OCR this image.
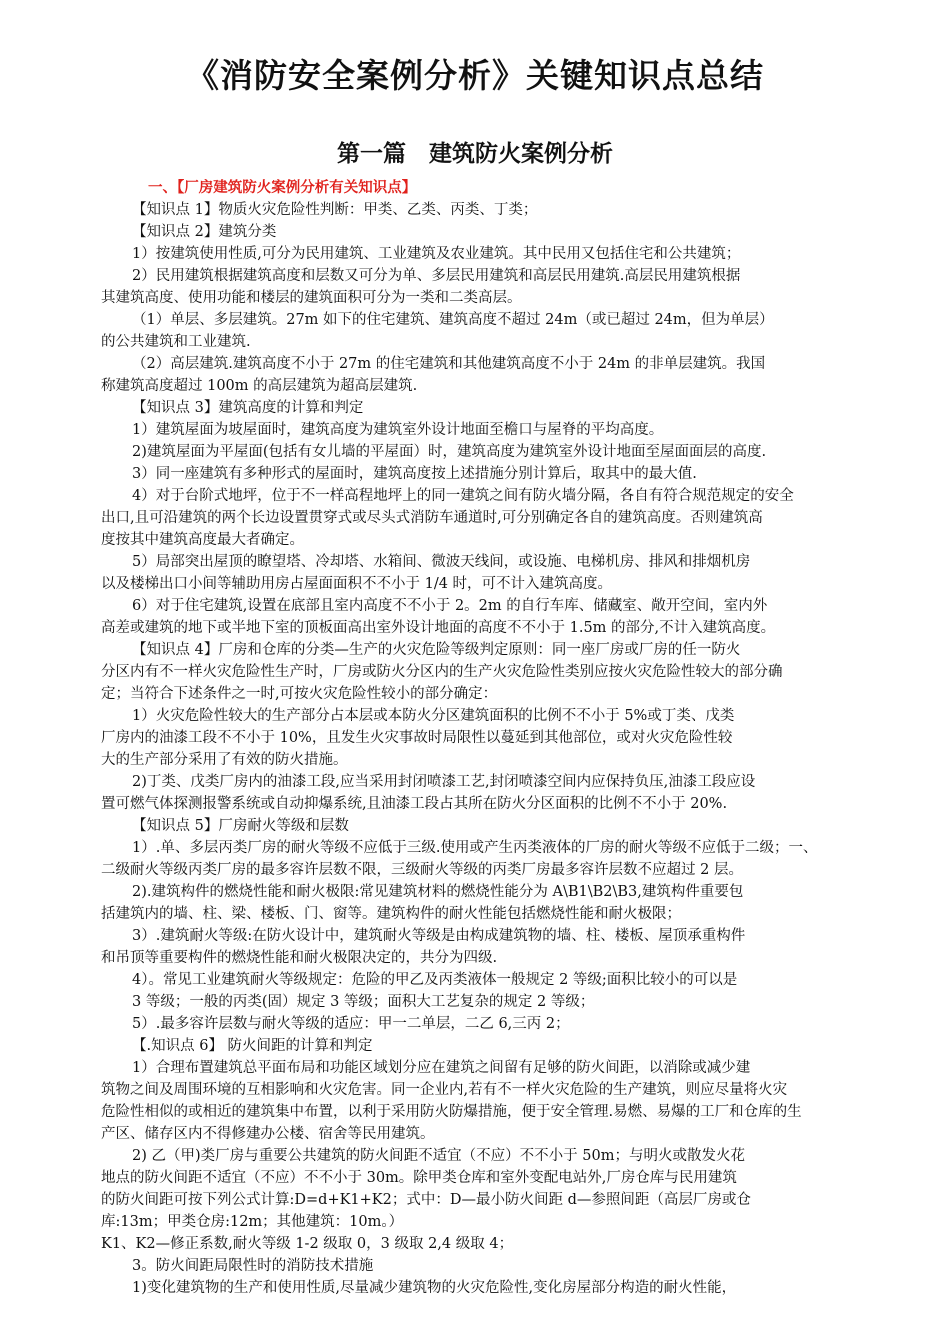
《消防安全案例分析》关键知识点总结
第一篇　建筑防火案例分析
一、【厂房建筑防火案例分析有关知识点】
【知识点 1】物质火灾危险性判断：甲类、乙类、丙类、丁类；
【知识点 2】建筑分类
1）按建筑使用性质,可分为民用建筑、工业建筑及农业建筑。其中民用又包括住宅和公共建筑；
2）民用建筑根据建筑高度和层数又可分为单、多层民用建筑和高层民用建筑.高层民用建筑根据
其建筑高度、使用功能和楼层的建筑面积可分为一类和二类高层。
（1）单层、多层建筑。27m 如下的住宅建筑、建筑高度不超过 24m（或已超过 24m，但为单层）
的公共建筑和工业建筑.
（2）高层建筑.建筑高度不小于 27m 的住宅建筑和其他建筑高度不小于 24m 的非单层建筑。我国
称建筑高度超过 100m 的高层建筑为超高层建筑.
【知识点 3】建筑高度的计算和判定
1）建筑屋面为坡屋面时，建筑高度为建筑室外设计地面至檐口与屋脊的平均高度。
2)建筑屋面为平屋面(包括有女儿墙的平屋面）时，建筑高度为建筑室外设计地面至屋面面层的高度.
3）同一座建筑有多种形式的屋面时，建筑高度按上述措施分别计算后，取其中的最大值.
4）对于台阶式地坪，位于不一样高程地坪上的同一建筑之间有防火墙分隔，各自有符合规范规定的安全
出口,且可沿建筑的两个长边设置贯穿式或尽头式消防车通道时,可分别确定各自的建筑高度。否则建筑高
度按其中建筑高度最大者确定。
5）局部突出屋顶的瞭望塔、冷却塔、水箱间、微波天线间，或设施、电梯机房、排风和排烟机房
以及楼梯出口小间等辅助用房占屋面面积不不小于 1/4 时，可不计入建筑高度。
6）对于住宅建筑,设置在底部且室内高度不不小于 2。2m 的自行车库、储藏室、敞开空间，室内外
高差或建筑的地下或半地下室的顶板面高出室外设计地面的高度不不小于 1.5m 的部分,不计入建筑高度。
【知识点 4】厂房和仓库的分类—生产的火灾危险等级判定原则：同一座厂房或厂房的任一防火
分区内有不一样火灾危险性生产时，厂房或防火分区内的生产火灾危险性类别应按火灾危险性较大的部分确
定；当符合下述条件之一时,可按火灾危险性较小的部分确定：
1）火灾危险性较大的生产部分占本层或本防火分区建筑面积的比例不不小于 5%或丁类、戊类
厂房内的油漆工段不不小于 10%，且发生火灾事故时局限性以蔓延到其他部位，或对火灾危险性较
大的生产部分采用了有效的防火措施。
2)丁类、戊类厂房内的油漆工段,应当采用封闭喷漆工艺,封闭喷漆空间内应保持负压,油漆工段应设
置可燃气体探测报警系统或自动抑爆系统,且油漆工段占其所在防火分区面积的比例不不小于 20%.
【知识点 5】厂房耐火等级和层数
1）.单、多层丙类厂房的耐火等级不应低于三级.使用或产生丙类液体的厂房的耐火等级不应低于二级；一、
二级耐火等级丙类厂房的最多容许层数不限，三级耐火等级的丙类厂房最多容许层数不应超过 2 层。
2).建筑构件的燃烧性能和耐火极限:常见建筑材料的燃烧性能分为 A\B1\B2\B3,建筑构件重要包
括建筑内的墙、柱、梁、楼板、门、窗等。建筑构件的耐火性能包括燃烧性能和耐火极限；
3）.建筑耐火等级:在防火设计中，建筑耐火等级是由构成建筑物的墙、柱、楼板、屋顶承重构件
和吊顶等重要构件的燃烧性能和耐火极限决定的，共分为四级.
4）。常见工业建筑耐火等级规定：危险的甲乙及丙类液体一般规定 2 等级;面积比较小的可以是
3 等级；一般的丙类(固）规定 3 等级；面积大工艺复杂的规定 2 等级；
5）.最多容许层数与耐火等级的适应：甲一二单层，二乙 6,三丙 2；
【.知识点 6】 防火间距的计算和判定
1）合理布置建筑总平面布局和功能区域划分应在建筑之间留有足够的防火间距，以消除或减少建
筑物之间及周围环境的互相影响和火灾危害。同一企业内,若有不一样火灾危险的生产建筑，则应尽量将火灾
危险性相似的或相近的建筑集中布置，以利于采用防火防爆措施，便于安全管理.易燃、易爆的工厂和仓库的生
产区、储存区内不得修建办公楼、宿舍等民用建筑。
2) 乙（甲)类厂房与重要公共建筑的防火间距不适宜（不应）不不小于 50m；与明火或散发火花
地点的防火间距不适宜（不应）不不小于 30m。除甲类仓库和室外变配电站外,厂房仓库与民用建筑
的防火间距可按下列公式计算:D=d+K1+K2；式中：D—最小防火间距 d—参照间距（高层厂房或仓
库:13m；甲类仓房:12m；其他建筑：10m。）
K1、K2—修正系数,耐火等级 1-2 级取 0，3 级取 2,4 级取 4；
3。防火间距局限性时的消防技术措施
1)变化建筑物的生产和使用性质,尽量减少建筑物的火灾危险性,变化房屋部分构造的耐火性能，
